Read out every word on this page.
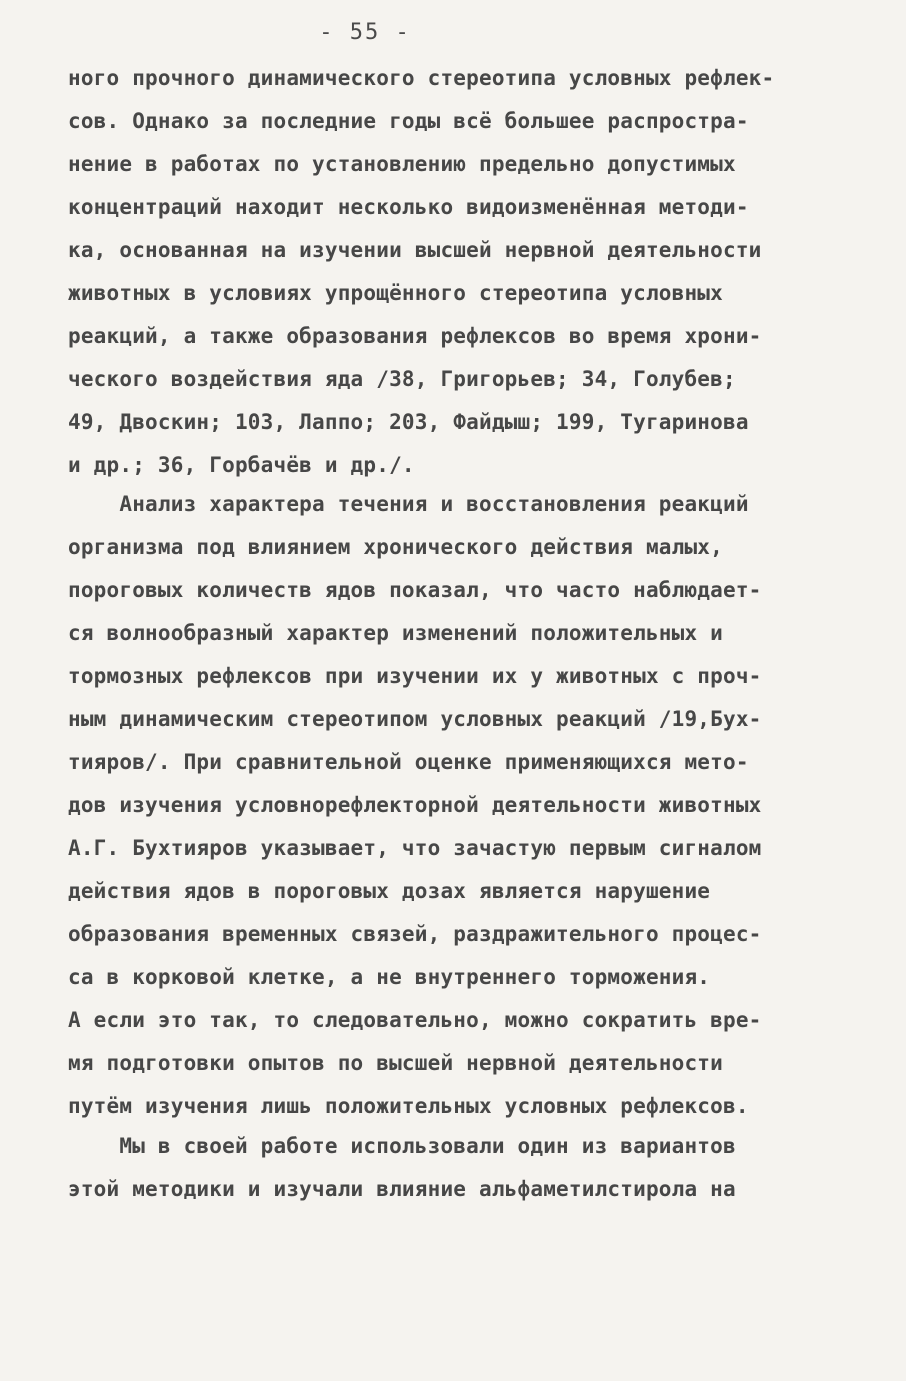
- 55 -
ного прочного динамического стереотипа условных рефлек-
сов. Однако за последние годы всё большее распростра-
нение в работах по установлению предельно допустимых
концентраций находит несколько видоизменённая методи-
ка, основанная на изучении высшей нервной деятельности
животных в условиях упрощённого стереотипа условных
реакций, а также образования рефлексов во время хрони-
ческого воздействия яда /38, Григорьев; 34, Голубев;
49, Двоскин; 103, Лаппо; 203, Файдыш; 199, Тугаринова
и др.; 36, Горбачёв и др./.
Анализ характера течения и восстановления реакций
организма под влиянием хронического действия малых,
пороговых количеств ядов показал, что часто наблюдает-
ся волнообразный характер изменений положительных и
тормозных рефлексов при изучении их у животных с проч-
ным динамическим стереотипом условных реакций /19,Бух-
тияров/. При сравнительной оценке применяющихся мето-
дов изучения условнорефлекторной деятельности животных
А.Г. Бухтияров указывает, что зачастую первым сигналом
действия ядов в пороговых дозах является нарушение
образования временных связей, раздражительного процес-
са в корковой клетке, а не внутреннего торможения.
А если это так, то следовательно, можно сократить вре-
мя подготовки опытов по высшей нервной деятельности
путём изучения лишь положительных условных рефлексов.
Мы в своей работе использовали один из вариантов
этой методики и изучали влияние альфаметилстирола на
